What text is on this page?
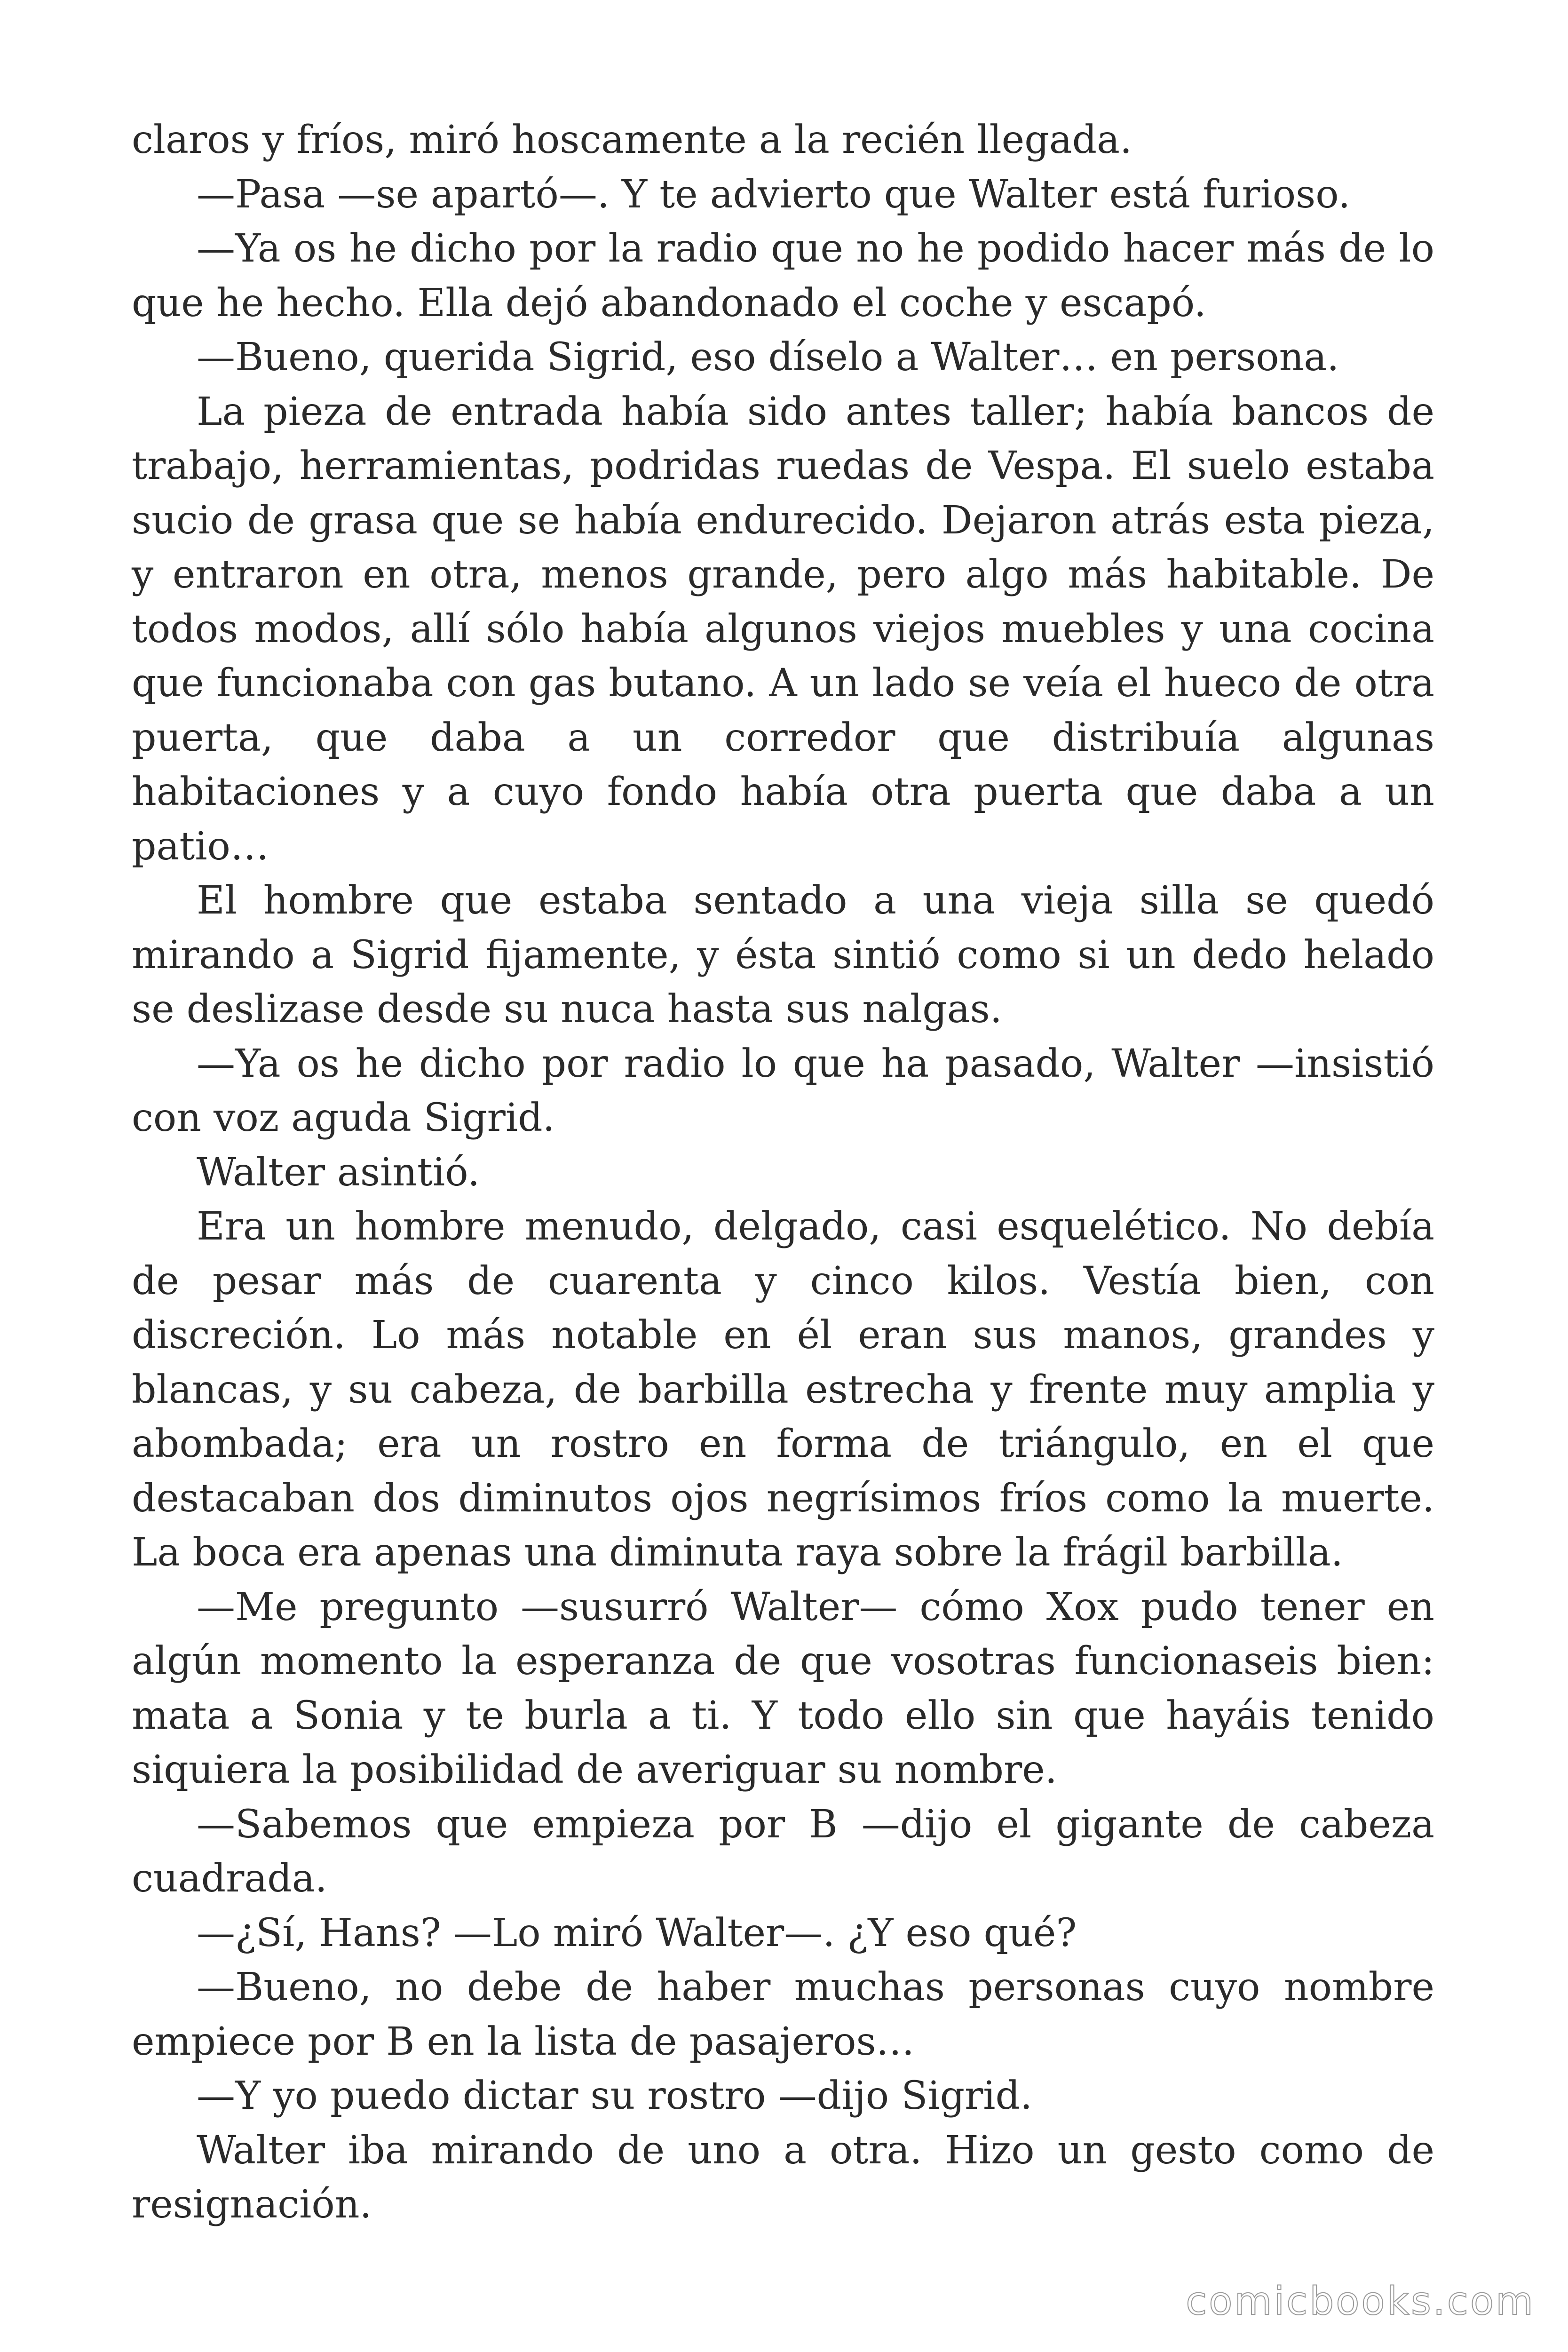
claros y fríos, miró hoscamente a la recién llegada.

—Pasa —se apartó—. Y te advierto que Walter está furioso.

—Ya os he dicho por la radio que no he podido hacer más de lo que he hecho. Ella dejó abandonado el coche y escapó.

—Bueno, querida Sigrid, eso díselo a Walter… en persona.

La pieza de entrada había sido antes taller; había bancos de trabajo, herramientas, podridas ruedas de Vespa. El suelo estaba sucio de grasa que se había endurecido. Dejaron atrás esta pieza, y entraron en otra, menos grande, pero algo más habitable. De todos modos, allí sólo había algunos viejos muebles y una cocina que funcionaba con gas butano. A un lado se veía el hueco de otra puerta, que daba a un corredor que distribuía algunas habitaciones y a cuyo fondo había otra puerta que daba a un patio…

El hombre que estaba sentado a una vieja silla se quedó mirando a Sigrid fijamente, y ésta sintió como si un dedo helado se deslizase desde su nuca hasta sus nalgas.

—Ya os he dicho por radio lo que ha pasado, Walter —insistió con voz aguda Sigrid.

Walter asintió.

Era un hombre menudo, delgado, casi esquelético. No debía de pesar más de cuarenta y cinco kilos. Vestía bien, con discreción. Lo más notable en él eran sus manos, grandes y blancas, y su cabeza, de barbilla estrecha y frente muy amplia y abombada; era un rostro en forma de triángulo, en el que destacaban dos diminutos ojos negrísimos fríos como la muerte. La boca era apenas una diminuta raya sobre la frágil barbilla.

—Me pregunto —susurró Walter— cómo Xox pudo tener en algún momento la esperanza de que vosotras funcionaseis bien: mata a Sonia y te burla a ti. Y todo ello sin que hayáis tenido siquiera la posibilidad de averiguar su nombre.

—Sabemos que empieza por B —dijo el gigante de cabeza cuadrada.

—¿Sí, Hans? —Lo miró Walter—. ¿Y eso qué?

—Bueno, no debe de haber muchas personas cuyo nombre empiece por B en la lista de pasajeros…

—Y yo puedo dictar su rostro —dijo Sigrid.

Walter iba mirando de uno a otra. Hizo un gesto como de resignación.

comicbooks.com
